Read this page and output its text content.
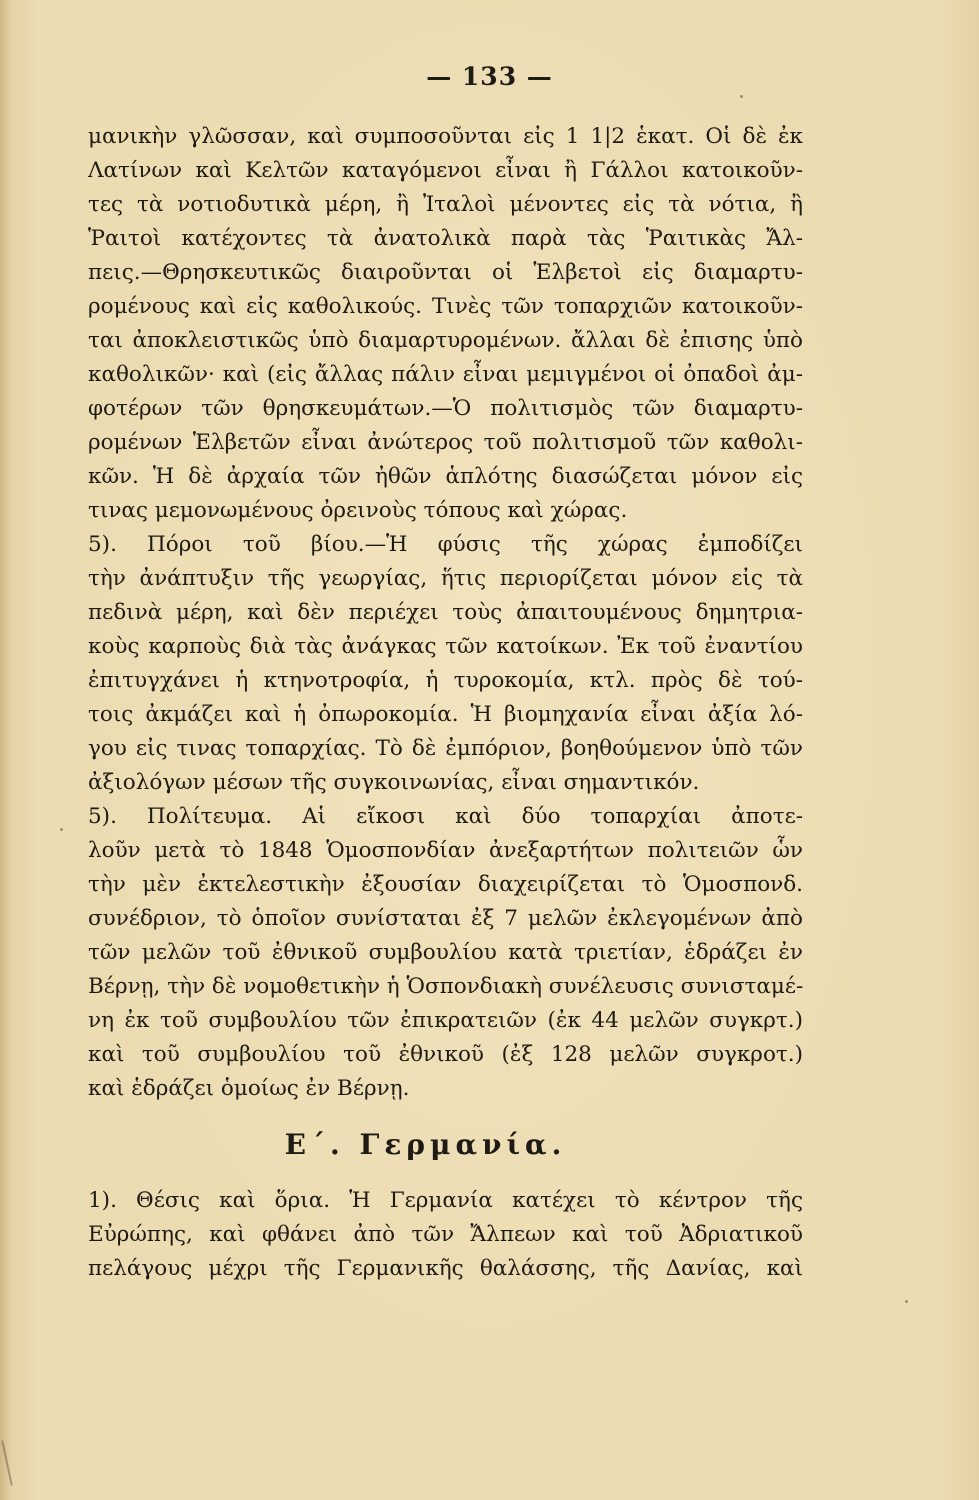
— 133 —
μανικὴν γλῶσσαν, καὶ συμποσοῦνται εἰς 1 1|2 ἑκατ. Οἱ δὲ ἐκ
Λατίνων καὶ Κελτῶν καταγόμενοι εἶναι ἢ Γάλλοι κατοικοῦν-
τες τὰ νοτιοδυτικὰ μέρη, ἢ Ἰταλοὶ μένοντες εἰς τὰ νότια, ἢ
Ῥαιτοὶ κατέχοντες τὰ ἀνατολικὰ παρὰ τὰς Ῥαιτικὰς Ἄλ-
πεις.—Θρησκευτικῶς διαιροῦνται οἱ Ἑλβετοὶ εἰς διαμαρτυ-
ρομένους καὶ εἰς καθολικούς. Τινὲς τῶν τοπαρχιῶν κατοικοῦν-
ται ἀποκλειστικῶς ὑπὸ διαμαρτυρομένων. ἄλλαι δὲ ἐπισης ὑπὸ
καθολικῶν· καὶ (εἰς ἄλλας πάλιν εἶναι μεμιγμένοι οἱ ὀπαδοὶ ἀμ-
φοτέρων τῶν θρησκευμάτων.—Ὁ πολιτισμὸς τῶν διαμαρτυ-
ρομένων Ἑλβετῶν εἶναι ἀνώτερος τοῦ πολιτισμοῦ τῶν καθολι-
κῶν. Ἡ δὲ ἀρχαία τῶν ἠθῶν ἁπλότης διασώζεται μόνον εἰς
τινας μεμονωμένους ὀρεινοὺς τόπους καὶ χώρας.
5). Πόροι τοῦ βίου.—Ἡ φύσις τῆς χώρας ἐμποδίζει
τὴν ἀνάπτυξιν τῆς γεωργίας, ἥτις περιορίζεται μόνον εἰς τὰ
πεδινὰ μέρη, καὶ δὲν περιέχει τοὺς ἀπαιτουμένους δημητρια-
κοὺς καρποὺς διὰ τὰς ἀνάγκας τῶν κατοίκων. Ἐκ τοῦ ἐναντίου
ἐπιτυγχάνει ἡ κτηνοτροφία, ἡ τυροκομία, κτλ. πρὸς δὲ τού-
τοις ἀκμάζει καὶ ἡ ὀπωροκομία. Ἡ βιομηχανία εἶναι ἀξία λό-
γου εἰς τινας τοπαρχίας. Τὸ δὲ ἐμπόριον, βοηθούμενον ὑπὸ τῶν
ἀξιολόγων μέσων τῆς συγκοινωνίας, εἶναι σημαντικόν.
5). Πολίτευμα. Αἱ εἴκοσι καὶ δύο τοπαρχίαι ἀποτε-
λοῦν μετὰ τὸ 1848 Ὁμοσπονδίαν ἀνεξαρτήτων πολιτειῶν ὧν
τὴν μὲν ἐκτελεστικὴν ἐξουσίαν διαχειρίζεται τὸ Ὁμοσπονδ.
συνέδριον, τὸ ὁποῖον συνίσταται ἐξ 7 μελῶν ἐκλεγομένων ἀπὸ
τῶν μελῶν τοῦ ἐθνικοῦ συμβουλίου κατὰ τριετίαν, ἑδράζει ἐν
Βέρνῃ, τὴν δὲ νομοθετικὴν ἡ Ὁσπονδιακὴ συνέλευσις συνισταμέ-
νη ἐκ τοῦ συμβουλίου τῶν ἐπικρατειῶν (ἐκ 44 μελῶν συγκρτ.)
καὶ τοῦ συμβουλίου τοῦ ἐθνικοῦ (ἐξ 128 μελῶν συγκροτ.)
καὶ ἑδράζει ὁμοίως ἐν Βέρνῃ.
Ε΄. Γερμανία.
1). Θέσις καὶ ὅρια. Ἡ Γερμανία κατέχει τὸ κέντρον τῆς
Εὐρώπης, καὶ φθάνει ἀπὸ τῶν Ἄλπεων καὶ τοῦ Ἀδριατικοῦ
πελάγους μέχρι τῆς Γερμανικῆς θαλάσσης, τῆς Δανίας, καὶ
